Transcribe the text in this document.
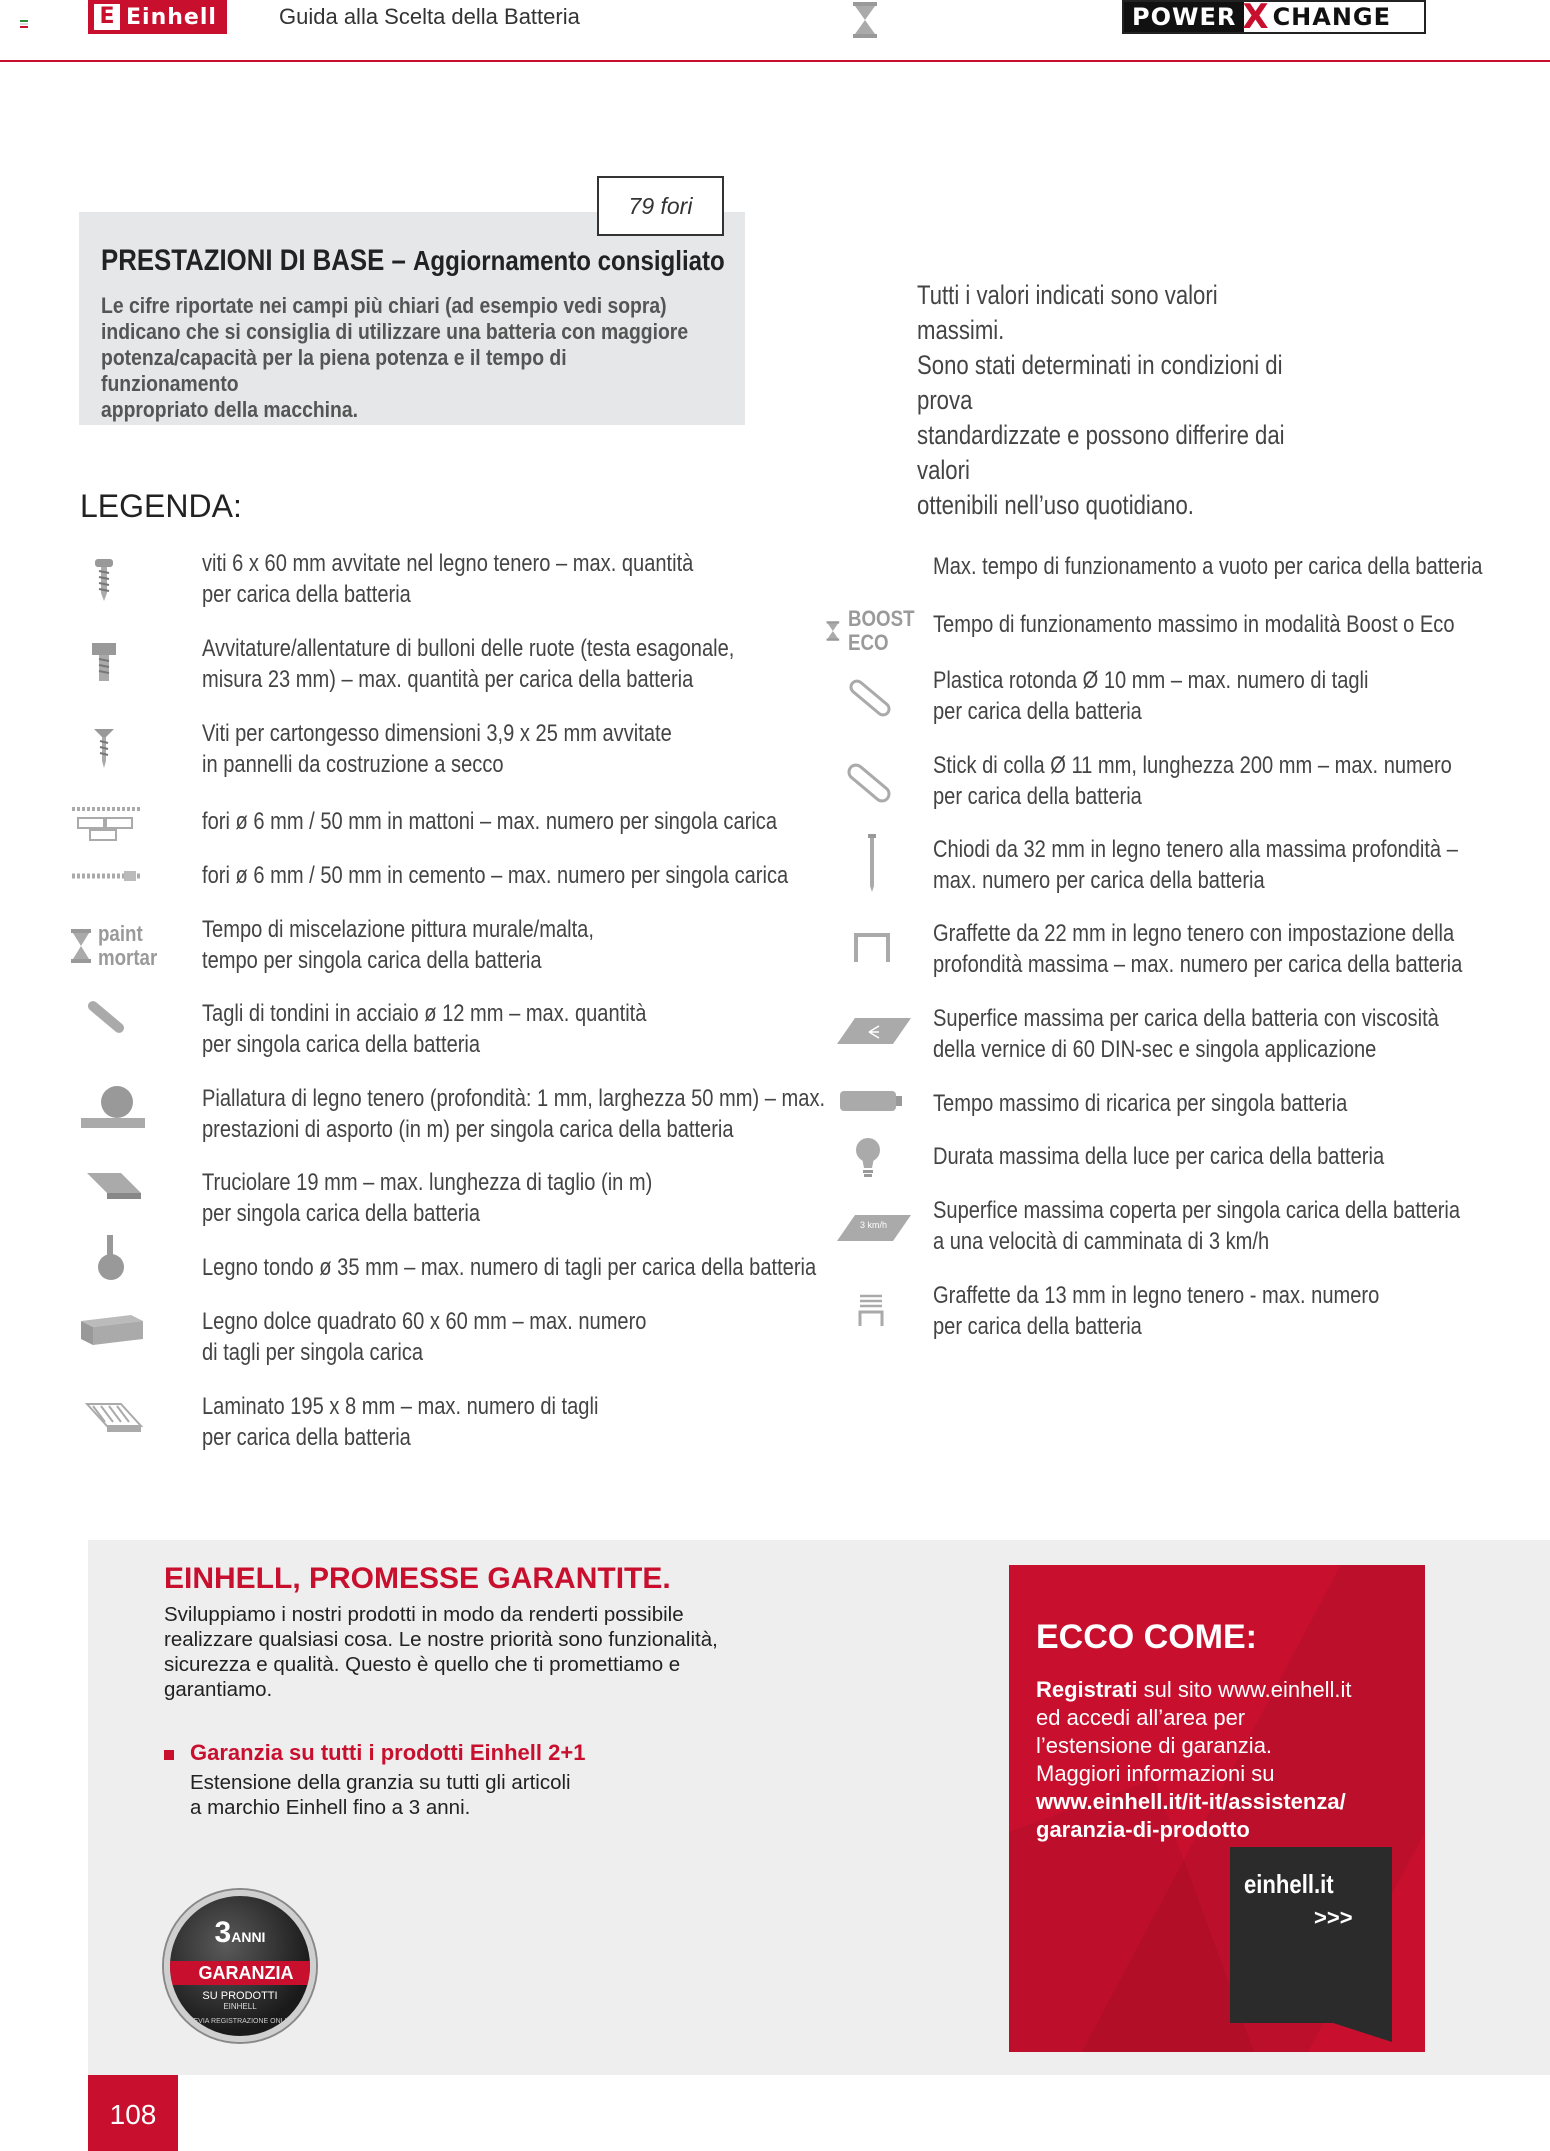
E Einhell	Guida alla Scelta della Batteria	POWER X CHANGE
79 fori
PRESTAZIONI DI BASE – Aggiornamento consigliato
Le cifre riportate nei campi più chiari (ad esempio vedi sopra)
indicano che si consiglia di utilizzare una batteria con maggiore
potenza/capacità per la piena potenza e il tempo di funzionamento
appropriato della macchina.
Tutti i valori indicati sono valori massimi.
Sono stati determinati in condizioni di prova
standardizzate e possono differire dai valori
ottenibili nell’uso quotidiano.
LEGENDA:
paint
mortar
viti 6 x 60 mm avvitate nel legno tenero – max. quantità
per carica della batteria
Avvitature/allentature di bulloni delle ruote (testa esagonale,
misura 23 mm) – max. quantità per carica della batteria
Viti per cartongesso dimensioni 3,9 x 25 mm avvitate
in pannelli da costruzione a secco
fori ø 6 mm / 50 mm in mattoni – max. numero per singola carica
fori ø 6 mm / 50 mm in cemento – max. numero per singola carica
Tempo di miscelazione pittura murale/malta,
tempo per singola carica della batteria
Tagli di tondini in acciaio ø 12 mm – max. quantità
per singola carica della batteria
Piallatura di legno tenero (profondità: 1 mm, larghezza 50 mm) – max.
prestazioni di asporto (in m) per singola carica della batteria
Truciolare 19 mm – max. lunghezza di taglio (in m)
per singola carica della batteria
Legno tondo ø 35 mm – max. numero di tagli per carica della batteria
Legno dolce quadrato 60 x 60 mm – max. numero
di tagli per singola carica
Laminato 195 x 8 mm – max. numero di tagli
per carica della batteria
BOOST
ECO
3 km/h
Max. tempo di funzionamento a vuoto per carica della batteria
Tempo di funzionamento massimo in modalità Boost o Eco
Plastica rotonda Ø 10 mm – max. numero di tagli
per carica della batteria
Stick di colla Ø 11 mm, lunghezza 200 mm – max. numero
per carica della batteria
Chiodi da 32 mm in legno tenero alla massima profondità –
max. numero per carica della batteria
Graffette da 22 mm in legno tenero con impostazione della
profondità massima – max. numero per carica della batteria
Superfice massima per carica della batteria con viscosità
della vernice di 60 DIN-sec e singola applicazione
Tempo massimo di ricarica per singola batteria
Durata massima della luce per carica della batteria
Superfice massima coperta per singola carica della batteria
a una velocità di camminata di 3 km/h
Graffette da 13 mm in legno tenero - max. numero
per carica della batteria
EINHELL, PROMESSE GARANTITE.
Sviluppiamo i nostri prodotti in modo da renderti possibile
realizzare qualsiasi cosa. Le nostre priorità sono funzionalità,
sicurezza e qualità. Questo è quello che ti promettiamo e
garantiamo.
Garanzia su tutti i prodotti Einhell 2+1
Estensione della granzia su tutti gli articoli
a marchio Einhell fino a 3 anni.
3ANNI
GARANZIA
SU PRODOTTI
EINHELL
PREVIA REGISTRAZIONE ONLINE
ECCO COME:
Registrati sul sito www.einhell.it
ed accedi all’area per
l’estensione di garanzia.
Maggiori informazioni su
www.einhell.it/it-it/assistenza/
garanzia-di-prodotto
einhell.it
>>>
108
